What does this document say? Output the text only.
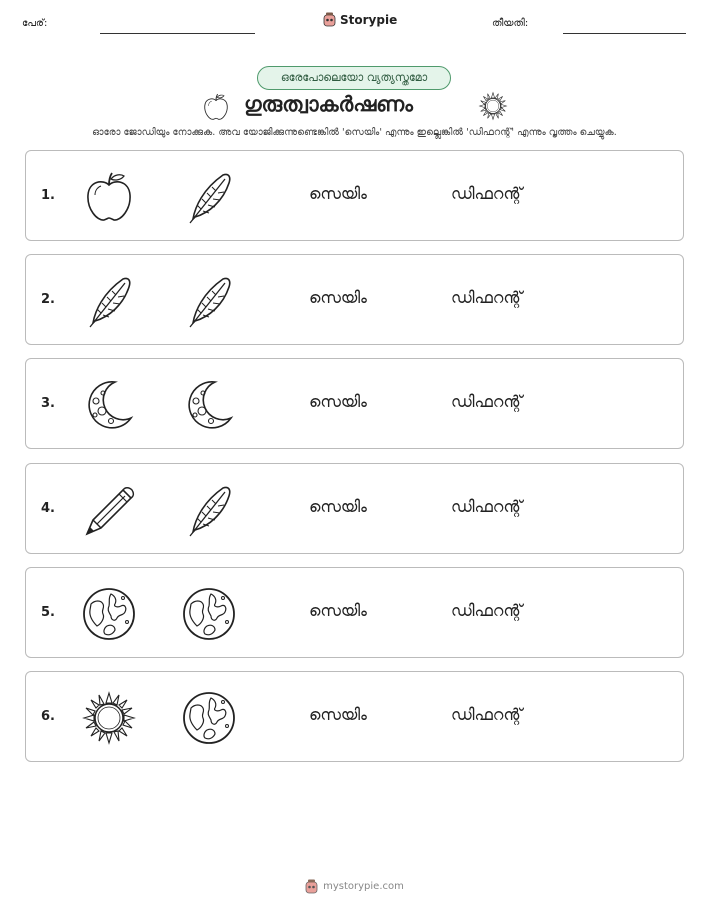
പേര്:	Storypie	തീയതി:
ഒരേപോലെയോ വ്യത്യസ്തമോ
ഗുരുത്വാകർഷണം
ഓരോ ജോഡിയും നോക്കുക. അവ യോജിക്കുന്നുണ്ടെങ്കിൽ 'സെയിം' എന്നും ഇല്ലെങ്കിൽ 'ഡിഫറന്റ്' എന്നും വൃത്തം ചെയ്യുക.
1.	സെയിം	ഡിഫറന്റ്
2.	സെയിം	ഡിഫറന്റ്
3.	സെയിം	ഡിഫറന്റ്
4.	സെയിം	ഡിഫറന്റ്
5.	സെയിം	ഡിഫറന്റ്
6.	സെയിം	ഡിഫറന്റ്
mystorypie.com
